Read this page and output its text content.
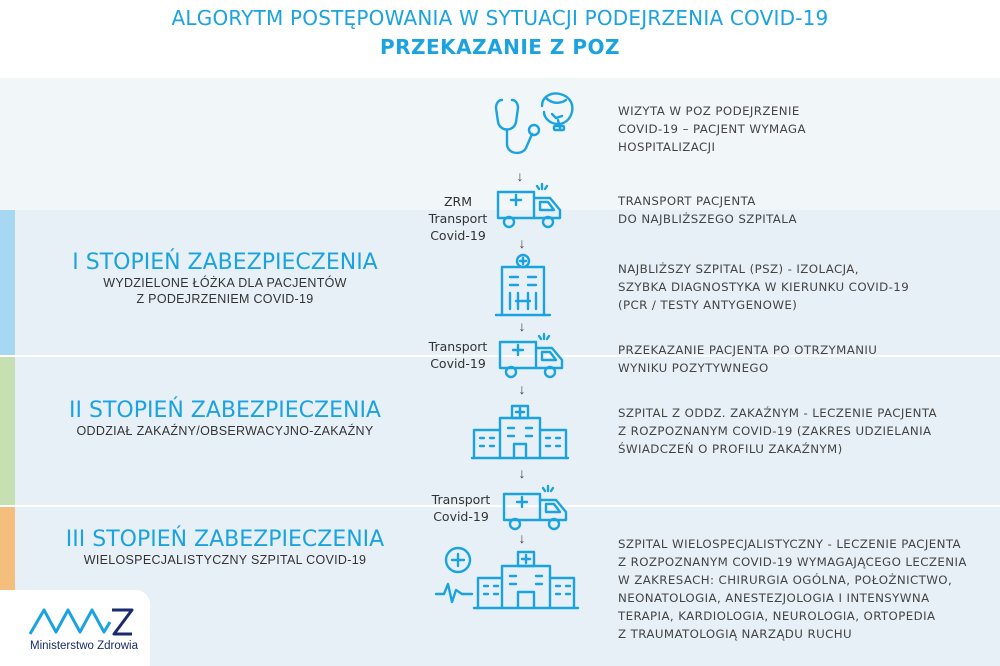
ALGORYTM POSTĘPOWANIA W SYTUACJI PODEJRZENIA COVID-19
PRZEKAZANIE Z POZ
I STOPIEŃ ZABEZPIECZENIA
WYDZIELONE ŁÓŻKA DLA PACJENTÓW
Z PODEJRZENIEM COVID-19
II STOPIEŃ ZABEZPIECZENIA
ODDZIAŁ ZAKAŹNY/OBSERWACYJNO-ZAKAŹNY
III STOPIEŃ ZABEZPIECZENIA
WIELOSPECJALISTYCZNY SZPITAL COVID-19
WIZYTA W POZ PODEJRZENIE
COVID-19 – PACJENT WYMAGA
HOSPITALIZACJI
TRANSPORT PACJENTA
DO NAJBLIŻSZEGO SZPITALA
NAJBLIŻSZY SZPITAL (PSZ) - IZOLACJA,
SZYBKA DIAGNOSTYKA W KIERUNKU COVID-19
(PCR / TESTY ANTYGENOWE)
PRZEKAZANIE PACJENTA PO OTRZYMANIU
WYNIKU POZYTYWNEGO
SZPITAL Z ODDZ. ZAKAŹNYM - LECZENIE PACJENTA
Z ROZPOZNANYM COVID-19 (ZAKRES UDZIELANIA
ŚWIADCZEŃ O PROFILU ZAKAŹNYM)
SZPITAL WIELOSPECJALISTYCZNY - LECZENIE PACJENTA
Z ROZPOZNANYM COVID-19 WYMAGAJĄCEGO LECZENIA
W ZAKRESACH: CHIRURGIA OGÓLNA, POŁOŻNICTWO,
NEONATOLOGIA, ANESTEZJOLOGIA I INTENSYWNA
TERAPIA, KARDIOLOGIA, NEUROLOGIA, ORTOPEDIA
Z TRAUMATOLOGIĄ NARZĄDU RUCHU
ZRM
Transport
Covid-19
Transport
Covid-19
Transport
Covid-19
↓
↓
↓
↓
↓
↓
Ministerstwo Zdrowia
